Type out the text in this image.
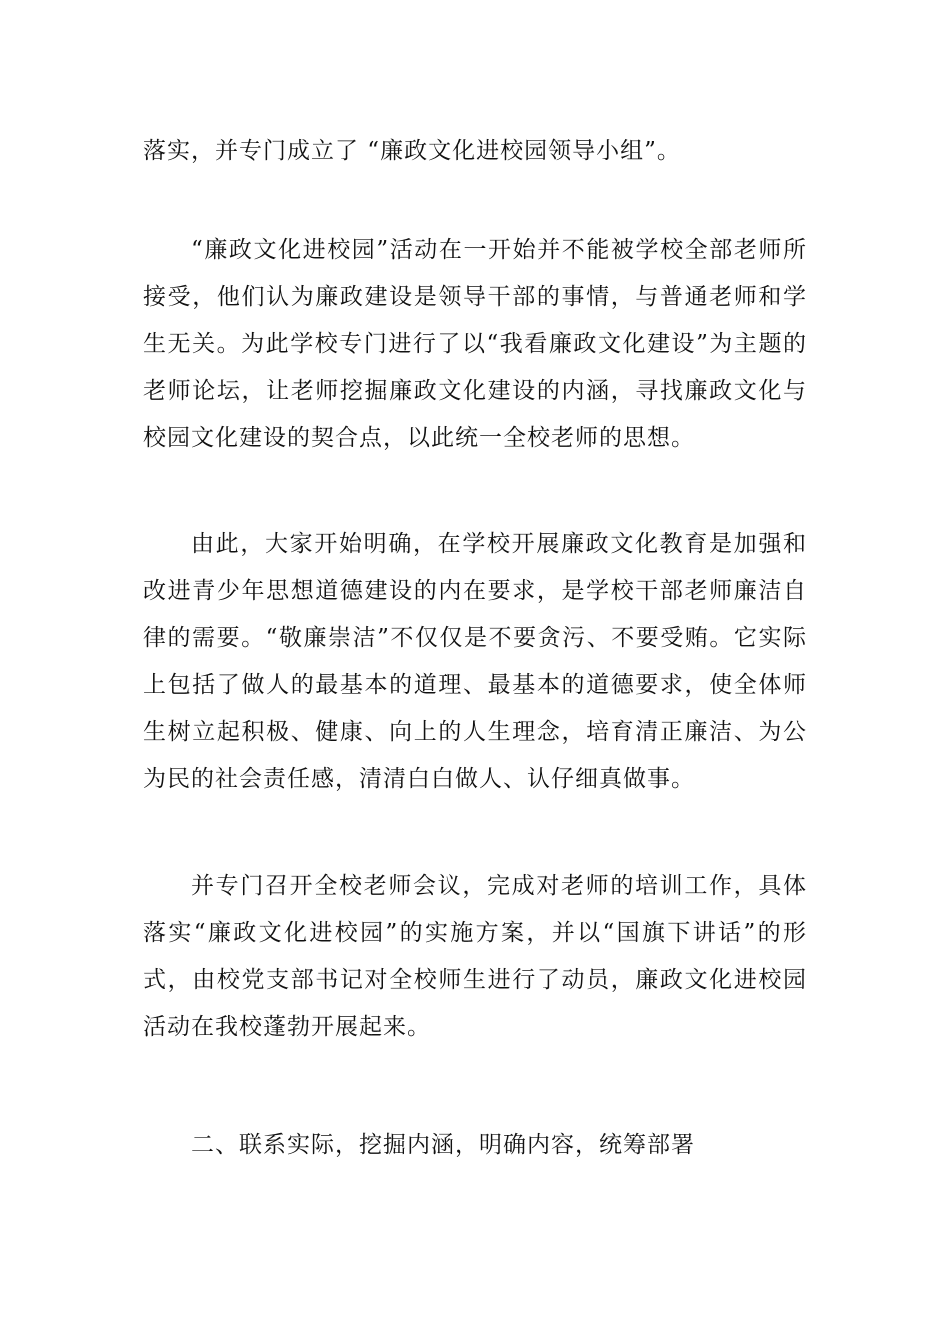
落实，并专门成立了 “廉政文化进校园领导小组”。

“廉政文化进校园”活动在一开始并不能被学校全部老师所接受，他们认为廉政建设是领导干部的事情，与普通老师和学生无关。为此学校专门进行了以“我看廉政文化建设”为主题的老师论坛，让老师挖掘廉政文化建设的内涵，寻找廉政文化与校园文化建设的契合点，以此统一全校老师的思想。

由此，大家开始明确，在学校开展廉政文化教育是加强和改进青少年思想道德建设的内在要求，是学校干部老师廉洁自律的需要。“敬廉崇洁”不仅仅是不要贪污、不要受贿。它实际上包括了做人的最基本的道理、最基本的道德要求，使全体师生树立起积极、健康、向上的人生理念，培育清正廉洁、为公为民的社会责任感，清清白白做人、认仔细真做事。

并专门召开全校老师会议，完成对老师的培训工作，具体落实“廉政文化进校园”的实施方案，并以“国旗下讲话”的形式，由校党支部书记对全校师生进行了动员，廉政文化进校园活动在我校蓬勃开展起来。

二、联系实际，挖掘内涵，明确内容，统筹部署
